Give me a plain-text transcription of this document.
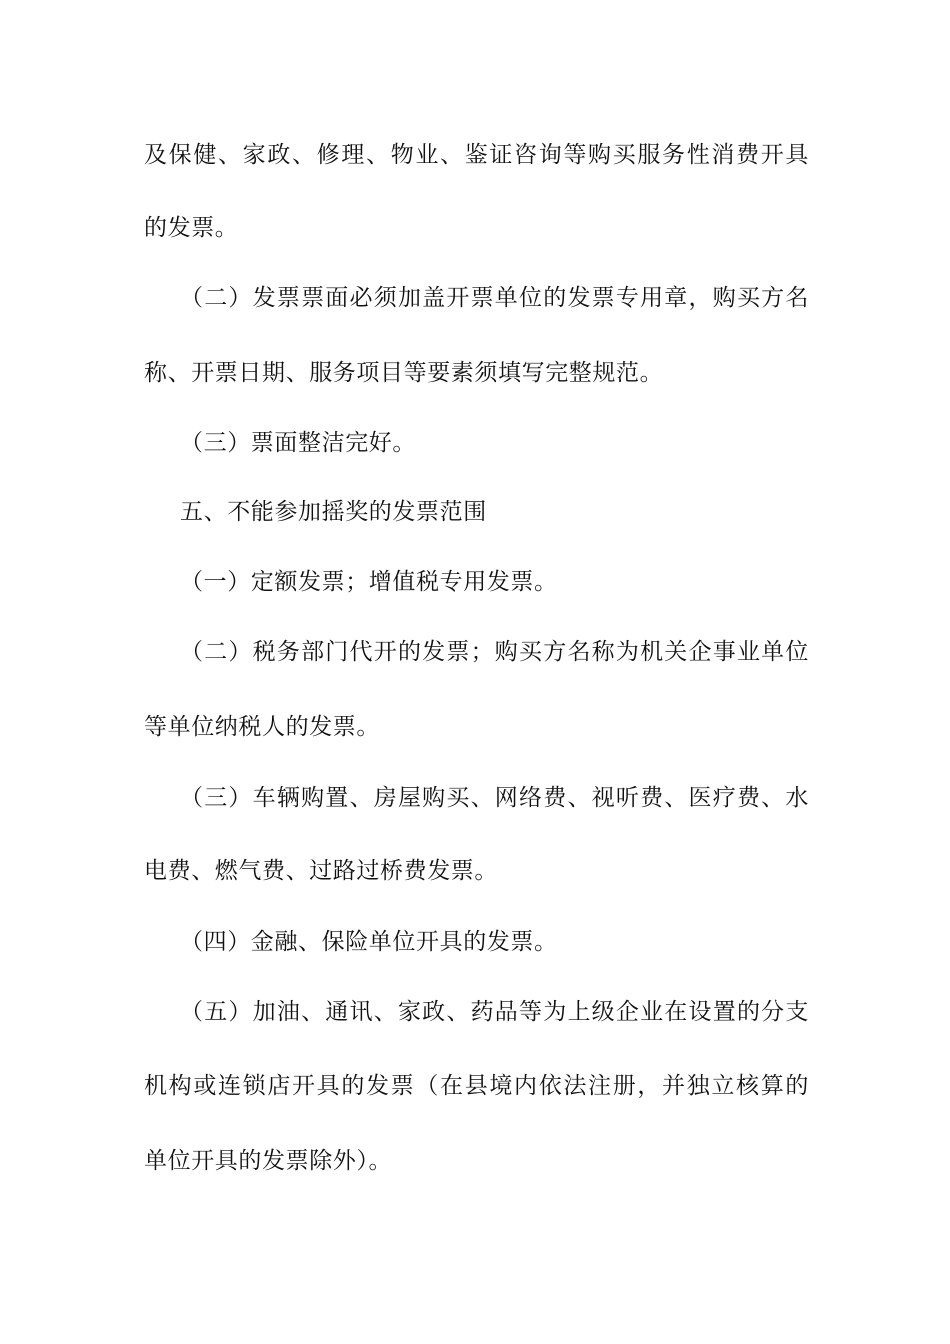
及保健、家政、修理、物业、鉴证咨询等购买服务性消费开具
的发票。
（二）发票票面必须加盖开票单位的发票专用章，购买方名
称、开票日期、服务项目等要素须填写完整规范。
（三）票面整洁完好。
五、不能参加摇奖的发票范围
（一）定额发票；增值税专用发票。
（二）税务部门代开的发票；购买方名称为机关企事业单位
等单位纳税人的发票。
（三）车辆购置、房屋购买、网络费、视听费、医疗费、水
电费、燃气费、过路过桥费发票。
（四）金融、保险单位开具的发票。
（五）加油、通讯、家政、药品等为上级企业在设置的分支
机构或连锁店开具的发票（在县境内依法注册，并独立核算的
单位开具的发票除外）。
